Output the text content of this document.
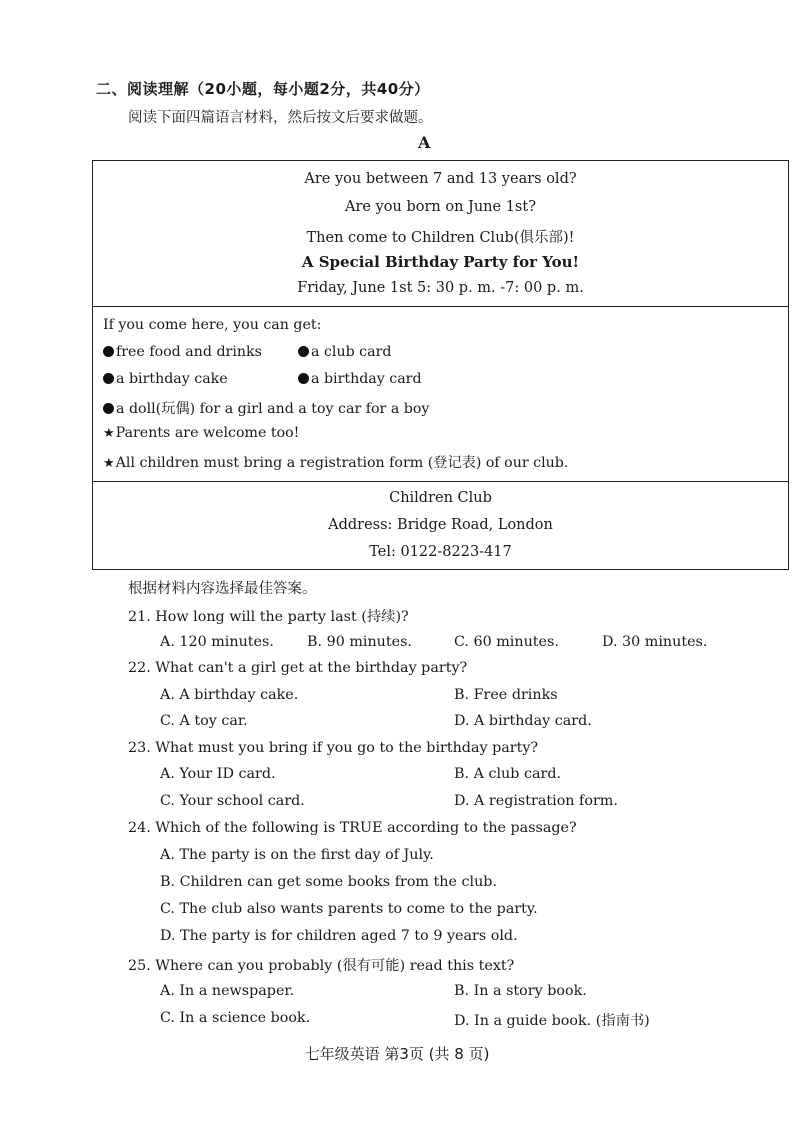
二、阅读理解（20小题，每小题2分，共40分）
阅读下面四篇语言材料，然后按文后要求做题。
A
Are you between 7 and 13 years old?
Are you born on June 1st?
Then come to Children Club(俱乐部)!
A Special Birthday Party for You!
Friday, June 1st 5: 30 p. m. -7: 00 p. m.
If you come here, you can get:
free food and drinks	a club card
a birthday cake	a birthday card
a doll(玩偶) for a girl and a toy car for a boy
★Parents are welcome too!
★All children must bring a registration form (登记表) of our club.
Children Club
Address: Bridge Road, London
Tel: 0122-8223-417
根据材料内容选择最佳答案。
21. How long will the party last (持续)?
A. 120 minutes. B. 90 minutes.	C. 60 minutes.	D. 30 minutes.
22. What can't a girl get at the birthday party?
A. A birthday cake.	B. Free drinks
C. A toy car.	D. A birthday card.
23. What must you bring if you go to the birthday party?
A. Your ID card.	B. A club card.
C. Your school card.	D. A registration form.
24. Which of the following is TRUE according to the passage?
A. The party is on the first day of July.
B. Children can get some books from the club.
C. The club also wants parents to come to the party.
D. The party is for children aged 7 to 9 years old.
25. Where can you probably (很有可能) read this text?
A. In a newspaper.	B. In a story book.
C. In a science book.	D. In a guide book. (指南书)
七年级英语 第3页 (共 8 页)
